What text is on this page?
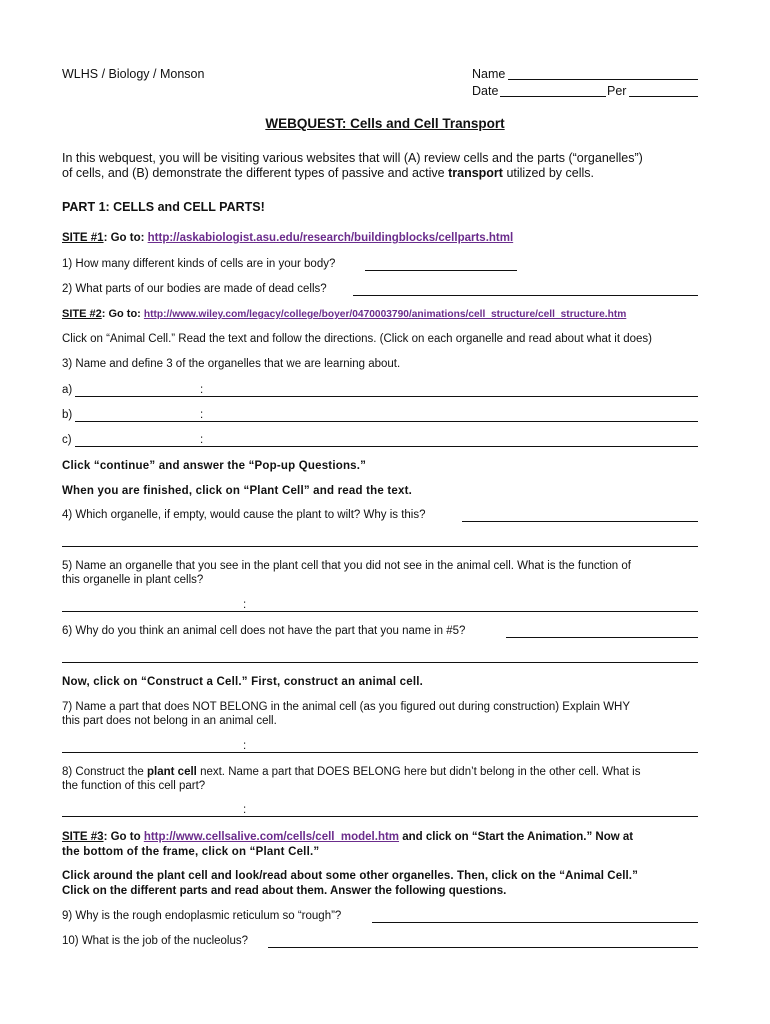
WLHS / Biology / Monson	Name
Date	Per
WEBQUEST: Cells and Cell Transport
In this webquest, you will be visiting various websites that will (A) review cells and the parts (“organelles”)
of cells, and (B) demonstrate the different types of passive and active transport utilized by cells.
PART 1: CELLS and CELL PARTS!
SITE #1: Go to: http://askabiologist.asu.edu/research/buildingblocks/cellparts.html
1) How many different kinds of cells are in your body?
2) What parts of our bodies are made of dead cells?
SITE #2: Go to: http://www.wiley.com/legacy/college/boyer/0470003790/animations/cell_structure/cell_structure.htm
Click on “Animal Cell.” Read the text and follow the directions. (Click on each organelle and read about what it does)
3) Name and define 3 of the organelles that we are learning about.
a)	:
b)	:
c)	:
Click “continue” and answer the “Pop-up Questions.”
When you are finished, click on “Plant Cell” and read the text.
4) Which organelle, if empty, would cause the plant to wilt? Why is this?
5) Name an organelle that you see in the plant cell that you did not see in the animal cell. What is the function of
this organelle in plant cells?
:
6) Why do you think an animal cell does not have the part that you name in #5?
Now, click on “Construct a Cell.” First, construct an animal cell.
7) Name a part that does NOT BELONG in the animal cell (as you figured out during construction) Explain WHY
this part does not belong in an animal cell.
:
8) Construct the plant cell next. Name a part that DOES BELONG here but didn’t belong in the other cell. What is
the function of this cell part?
:
SITE #3: Go to http://www.cellsalive.com/cells/cell_model.htm and click on “Start the Animation.” Now at
the bottom of the frame, click on “Plant Cell.”
Click around the plant cell and look/read about some other organelles. Then, click on the “Animal Cell.”
Click on the different parts and read about them. Answer the following questions.
9) Why is the rough endoplasmic reticulum so “rough”?
10) What is the job of the nucleolus?
